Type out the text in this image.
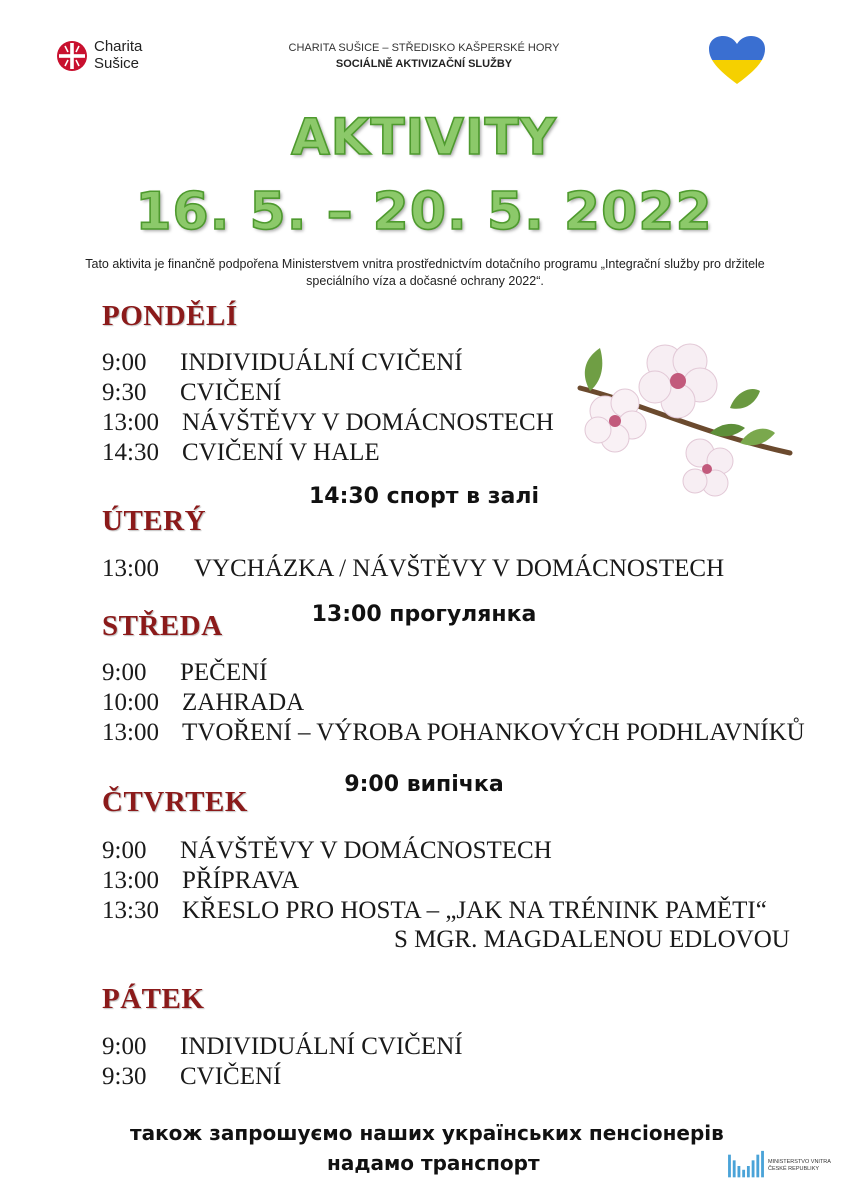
Charita
Sušice
CHARITA SUŠICE – STŘEDISKO KAŠPERSKÉ HORY
SOCIÁLNĚ AKTIVIZAČNÍ SLUŽBY
AKTIVITY
16. 5. – 20. 5. 2022
Tato aktivita je finančně podpořena Ministerstvem vnitra prostřednictvím dotačního programu „Integrační služby pro držitele
speciálního víza a dočasné ochrany 2022“.
PONDĚLÍ
9:00 INDIVIDUÁLNÍ CVIČENÍ
9:30 CVIČENÍ
13:00 NÁVŠTĚVY V DOMÁCNOSTECH
14:30 CVIČENÍ V HALE
14:30 спорт в залі
ÚTERÝ
13:00 VYCHÁZKA / NÁVŠTĚVY V DOMÁCNOSTECH
13:00 прогулянка
STŘEDA
9:00 PEČENÍ
10:00 ZAHRADA
13:00 TVOŘENÍ – VÝROBA POHANKOVÝCH PODHLAVNÍKŮ
9:00 випічка
ČTVRTEK
9:00 NÁVŠTĚVY V DOMÁCNOSTECH
13:00 PŘÍPRAVA
13:30 KŘESLO PRO HOSTA – „JAK NA TRÉNINK PAMĚTI“
S MGR. MAGDALENOU EDLOVOU
PÁTEK
9:00 INDIVIDUÁLNÍ CVIČENÍ
9:30 CVIČENÍ
також запрошуємо наших українських пенсіонерів
надамо транспорт	MINISTERSTVO VNITRA
ČESKÉ REPUBLIKY
